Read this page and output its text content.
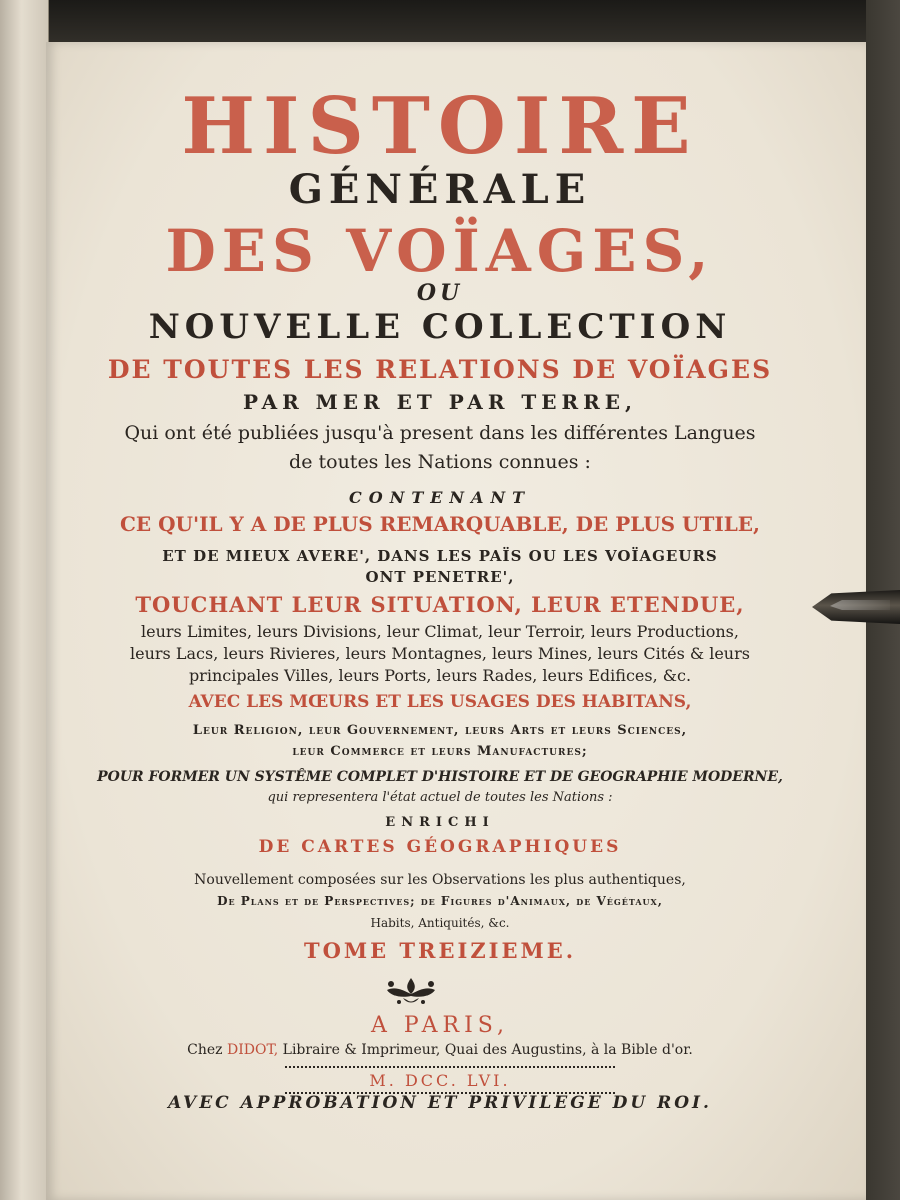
HISTOIRE
GÉNÉRALE
DES VOÏAGES,
OU
NOUVELLE COLLECTION
DE TOUTES LES RELATIONS DE VOÏAGES
PAR MER ET PAR TERRE,
Qui ont été publiées jusqu'à present dans les différentes Langues
de toutes les Nations connues :
CONTENANT
CE QU'IL Y A DE PLUS REMARQUABLE, DE PLUS UTILE,
ET DE MIEUX AVERE', DANS LES PAÏS OU LES VOÏAGEURS
ONT PENETRE',
TOUCHANT LEUR SITUATION, LEUR ETENDUE,
leurs Limites, leurs Divisions, leur Climat, leur Terroir, leurs Productions,
leurs Lacs, leurs Rivieres, leurs Montagnes, leurs Mines, leurs Cités & leurs
principales Villes, leurs Ports, leurs Rades, leurs Edifices, &c.
AVEC LES MŒURS ET LES USAGES DES HABITANS,
Leur Religion, leur Gouvernement, leurs Arts et leurs Sciences,
leur Commerce et leurs Manufactures;
POUR FORMER UN SYSTÊME COMPLET D'HISTOIRE ET DE GEOGRAPHIE MODERNE,
qui representera l'état actuel de toutes les Nations :
ENRICHI
DE CARTES GÉOGRAPHIQUES
Nouvellement composées sur les Observations les plus authentiques,
De Plans et de Perspectives; de Figures d'Animaux, de Végétaux,
Habits, Antiquités, &c.
TOME TREIZIEME.
A PARIS,
Chez DIDOT, Libraire & Imprimeur, Quai des Augustins, à la Bible d'or.
M. DCC. LVI.
AVEC APPROBATION ET PRIVILEGE DU ROI.
